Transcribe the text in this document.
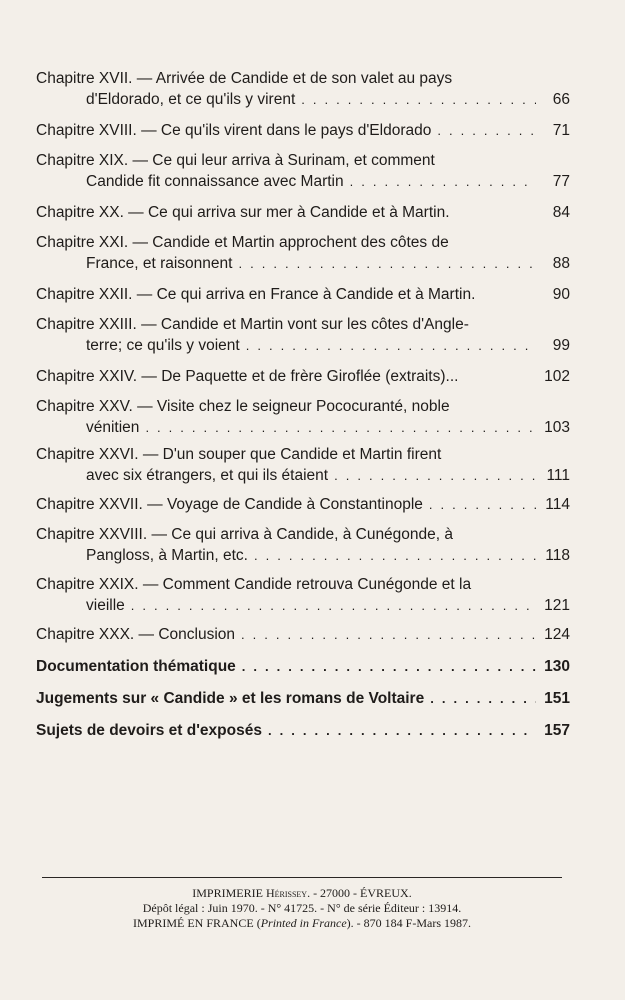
Chapitre XVII. — Arrivée de Candide et de son valet au pays
d'Eldorado, et ce qu'ils y virent . . .	66
Chapitre XVIII. — Ce qu'ils virent dans le pays d'Eldorado . . .	71
Chapitre XIX. — Ce qui leur arriva à Surinam, et comment
Candide fit connaissance avec Martin . . .	77
Chapitre XX. — Ce qui arriva sur mer à Candide et à Martin.	84
Chapitre XXI. — Candide et Martin approchent des côtes de
France, et raisonnent . . .	88
Chapitre XXII. — Ce qui arriva en France à Candide et à Martin.	90
Chapitre XXIII. — Candide et Martin vont sur les côtes d'Angle-
terre; ce qu'ils y voient . . .	99
Chapitre XXIV. — De Paquette et de frère Giroflée (extraits)...	102
Chapitre XXV. — Visite chez le seigneur Pococuranté, noble
vénitien . . .	103
Chapitre XXVI. — D'un souper que Candide et Martin firent
avec six étrangers, et qui ils étaient . . .	111
Chapitre XXVII. — Voyage de Candide à Constantinople . . .	114
Chapitre XXVIII. — Ce qui arriva à Candide, à Cunégonde, à
Pangloss, à Martin, etc. . . .	118
Chapitre XXIX. — Comment Candide retrouva Cunégonde et la
vieille . . .	121
Chapitre XXX. — Conclusion . . .	124
Documentation thématique . . .	130
Jugements sur « Candide » et les romans de Voltaire . . .	151
Sujets de devoirs et d'exposés . . .	157
IMPRIMERIE Hérissey. - 27000 - ÉVREUX.
Dépôt légal : Juin 1970. - N° 41725. - N° de série Éditeur : 13914.
IMPRIMÉ EN FRANCE (Printed in France). - 870 184 F-Mars 1987.
